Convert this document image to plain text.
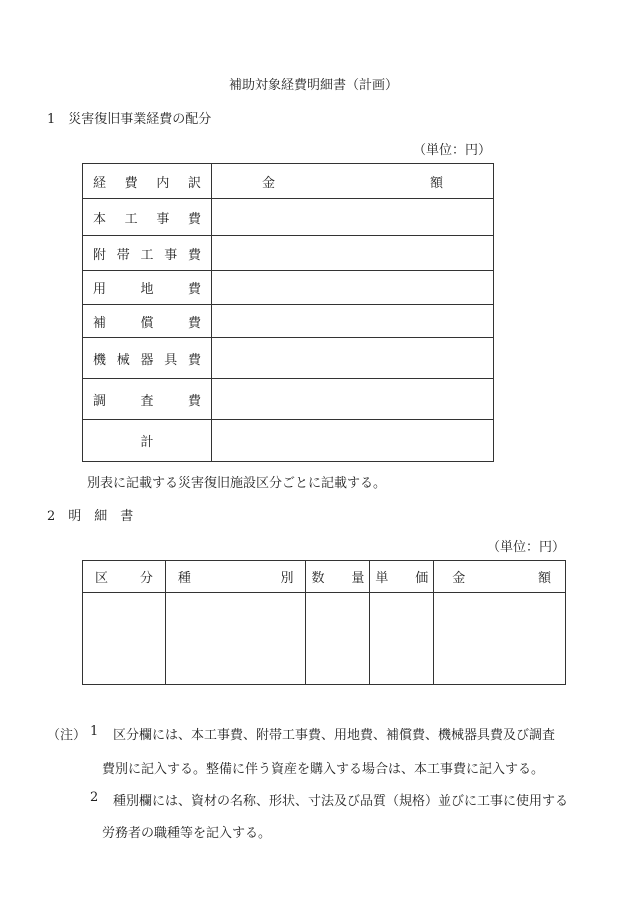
補助対象経費明細書（計画）
1　災害復旧事業経費の配分
（単位：円）
経 費 内 訳	金 額

本 工 事 費	

附 帯 工 事 費	

用 地 費	

補 償 費	

機 械 器 具 費	

調 査 費	

計	
別表に記載する災害復旧施設区分ごとに記載する。
2　明　細　書
（単位：円）
区 分	種 別	数 量	単 価	金 額

（注） 1 区分欄には、本工事費、附帯工事費、用地費、補償費、機械器具費及び調査
費別に記入する。整備に伴う資産を購入する場合は、本工事費に記入する。
2 種別欄には、資材の名称、形状、寸法及び品質（規格）並びに工事に使用する
労務者の職種等を記入する。
